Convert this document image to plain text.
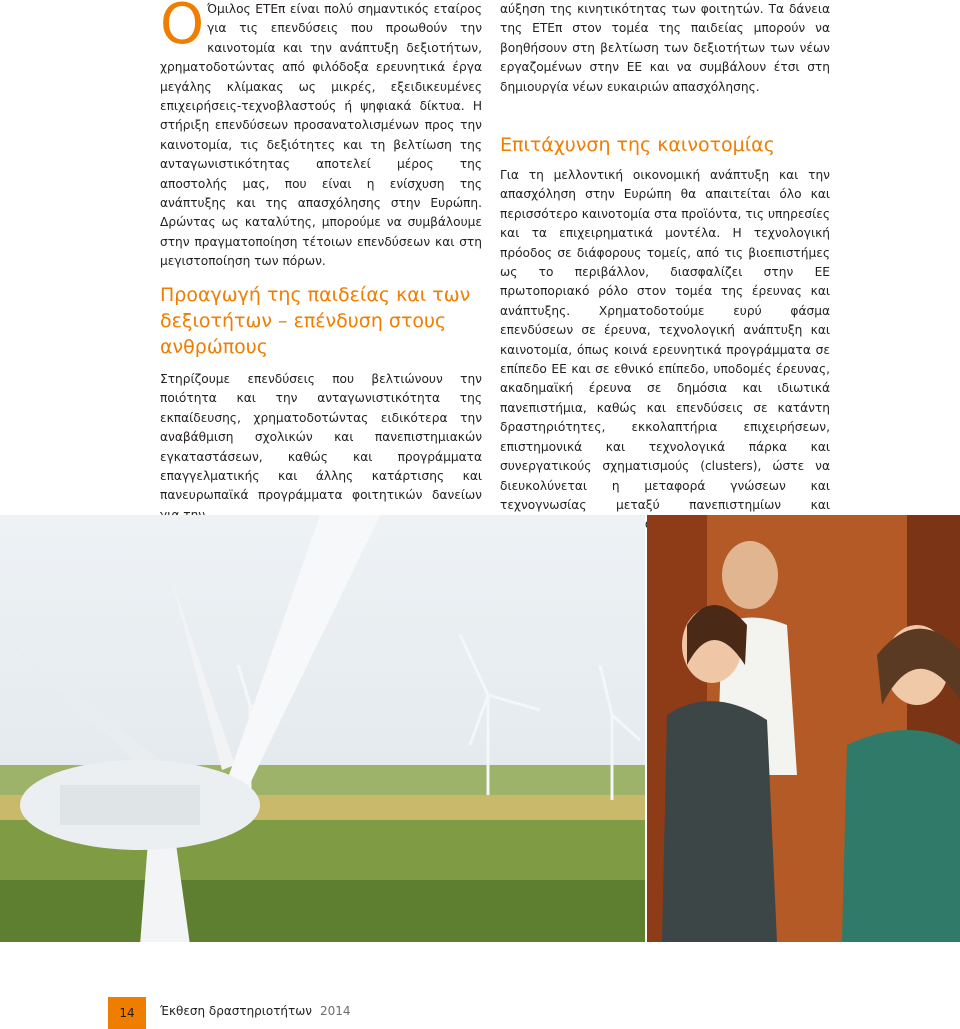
Ο Όμιλος ΕΤΕπ είναι πολύ σημαντικός εταίρος για τις επενδύσεις που προωθούν την καινοτομία και την ανάπτυξη δεξιοτήτων, χρηματοδοτώντας από φιλόδοξα ερευνητικά έργα μεγάλης κλίμακας ως μικρές, εξειδικευμένες επιχειρήσεις-τεχνοβλαστούς ή ψηφιακά δίκτυα. Η στήριξη επενδύσεων προσανατολισμένων προς την καινοτομία, τις δεξιότητες και τη βελτίωση της ανταγωνιστικότητας αποτελεί μέρος της αποστολής μας, που είναι η ενίσχυση της ανάπτυξης και της απασχόλησης στην Ευρώπη. Δρώντας ως καταλύτης, μπορούμε να συμβάλουμε στην πραγματοποίηση τέτοιων επενδύσεων και στη μεγιστοποίηση των πόρων.

Προαγωγή της παιδείας και των δεξιοτήτων – επένδυση στους ανθρώπους

Στηρίζουμε επενδύσεις που βελτιώνουν την ποιότητα και την ανταγωνιστικότητα της εκπαίδευσης, χρηματοδοτώντας ειδικότερα την αναβάθμιση σχολικών και πανεπιστημιακών εγκαταστάσεων, καθώς και προγράμματα επαγγελματικής και άλλης κατάρτισης και πανευρωπαϊκά προγράμματα φοιτητικών δανείων

αύξηση της κινητικότητας των φοιτητών. Τα δάνεια της ΕΤΕπ στον τομέα της παιδείας μπορούν να βοηθήσουν στη βελτίωση των δεξιοτήτων των νέων εργαζομένων στην ΕΕ και να συμβάλουν έτσι στη δημιουργία νέων ευκαιριών απασχόλησης.

Επιτάχυνση της καινοτομίας

Για τη μελλοντική οικονομική ανάπτυξη και την απασχόληση στην Ευρώπη θα απαιτείται όλο και περισσότερο καινοτομία στα προϊόντα, τις υπηρεσίες και τα επιχειρηματικά μοντέλα. Η τεχνολογική πρόοδος σε διάφορους τομείς, από τις βιοεπιστήμες ως το περιβάλλον, διασφαλίζει στην ΕΕ πρωτοποριακό ρόλο στον τομέα της έρευνας και ανάπτυξης. Χρηματοδοτούμε ευρύ φάσμα επενδύσεων σε έρευνα, τεχνολογική ανάπτυξη και καινοτομία, όπως κοινά ερευνητικά προγράμματα σε επίπεδο ΕΕ και σε εθνικό επίπεδο, υποδομές έρευνας, ακαδημαϊκή έρευνα σε δημόσια και ιδιωτικά πανεπιστήμια, καθώς και επενδύσεις σε κατάντη δραστηριότητες, εκκολαπτήρια επιχειρήσεων, επιστημονικά και τεχνολογικά πάρκα και συνεργατικούς σχηματισμούς (clusters), ώστε να διευκολύνεται η μεταφορά γνώσεων και τεχνογνωσίας μεταξύ πανεπιστημίων και

14	Έκθεση δραστηριοτήτων 2014
